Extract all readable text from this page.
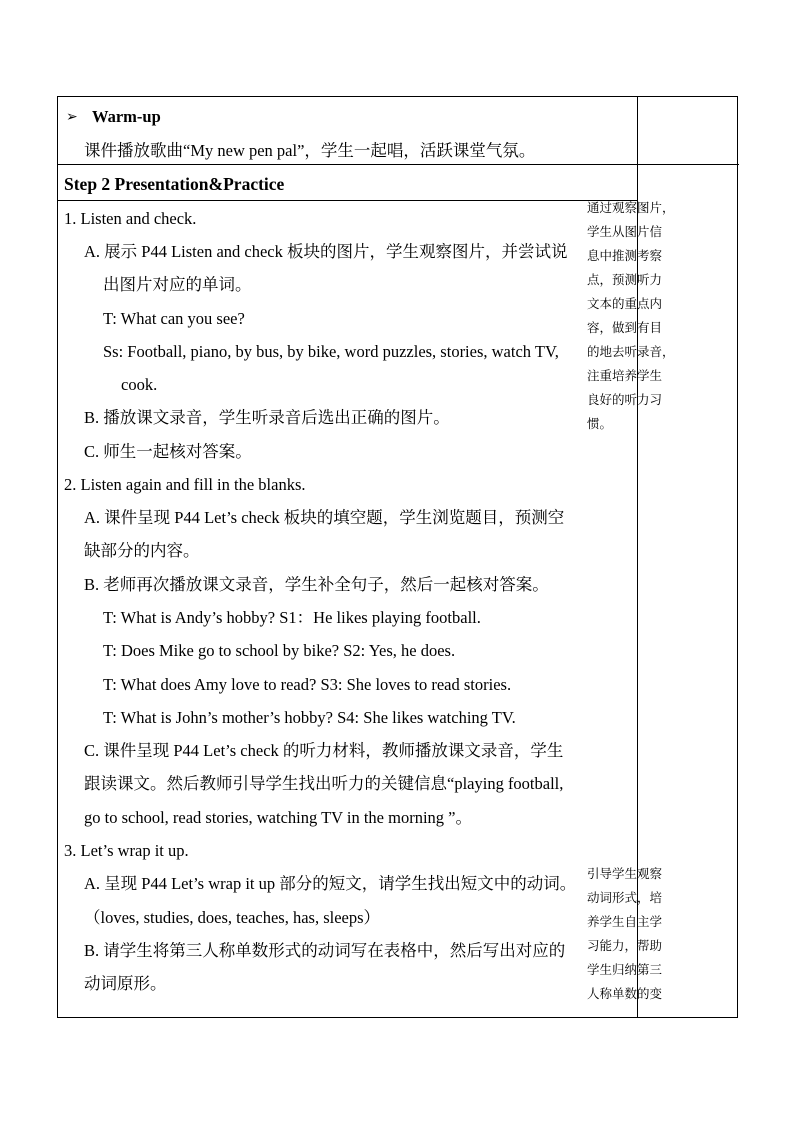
➢ Warm-up
课件播放歌曲“My new pen pal”，学生一起唱，活跃课堂气氛。
Step 2 Presentation&Practice
1. Listen and check.
A. 展示 P44 Listen and check 板块的图片，学生观察图片，并尝试说
出图片对应的单词。
T: What can you see?
Ss: Football, piano, by bus, by bike, word puzzles, stories, watch TV,
cook.
B. 播放课文录音，学生听录音后选出正确的图片。
C. 师生一起核对答案。
2. Listen again and fill in the blanks.
A. 课件呈现 P44 Let’s check 板块的填空题，学生浏览题目，预测空
缺部分的内容。
B. 老师再次播放课文录音，学生补全句子，然后一起核对答案。
T: What is Andy’s hobby? S1：He likes playing football.
T: Does Mike go to school by bike? S2: Yes, he does.
T: What does Amy love to read? S3: She loves to read stories.
T: What is John’s mother’s hobby? S4: She likes watching TV.
C. 课件呈现 P44 Let’s check 的听力材料，教师播放课文录音，学生
跟读课文。然后教师引导学生找出听力的关键信息“playing football,
go to school, read stories, watching TV in the morning ”。
3. Let’s wrap it up.
A. 呈现 P44 Let’s wrap it up 部分的短文，请学生找出短文中的动词。
（loves, studies, does, teaches, has, sleeps）
B. 请学生将第三人称单数形式的动词写在表格中，然后写出对应的
动词原形。
通过观察图片，
学生从图片信
息中推测考察
点，预测听力
文本的重点内
容，做到有目
的地去听录音，
注重培养学生
良好的听力习
惯。
引导学生观察
动词形式，培
养学生自主学
习能力，帮助
学生归纳第三
人称单数的变
